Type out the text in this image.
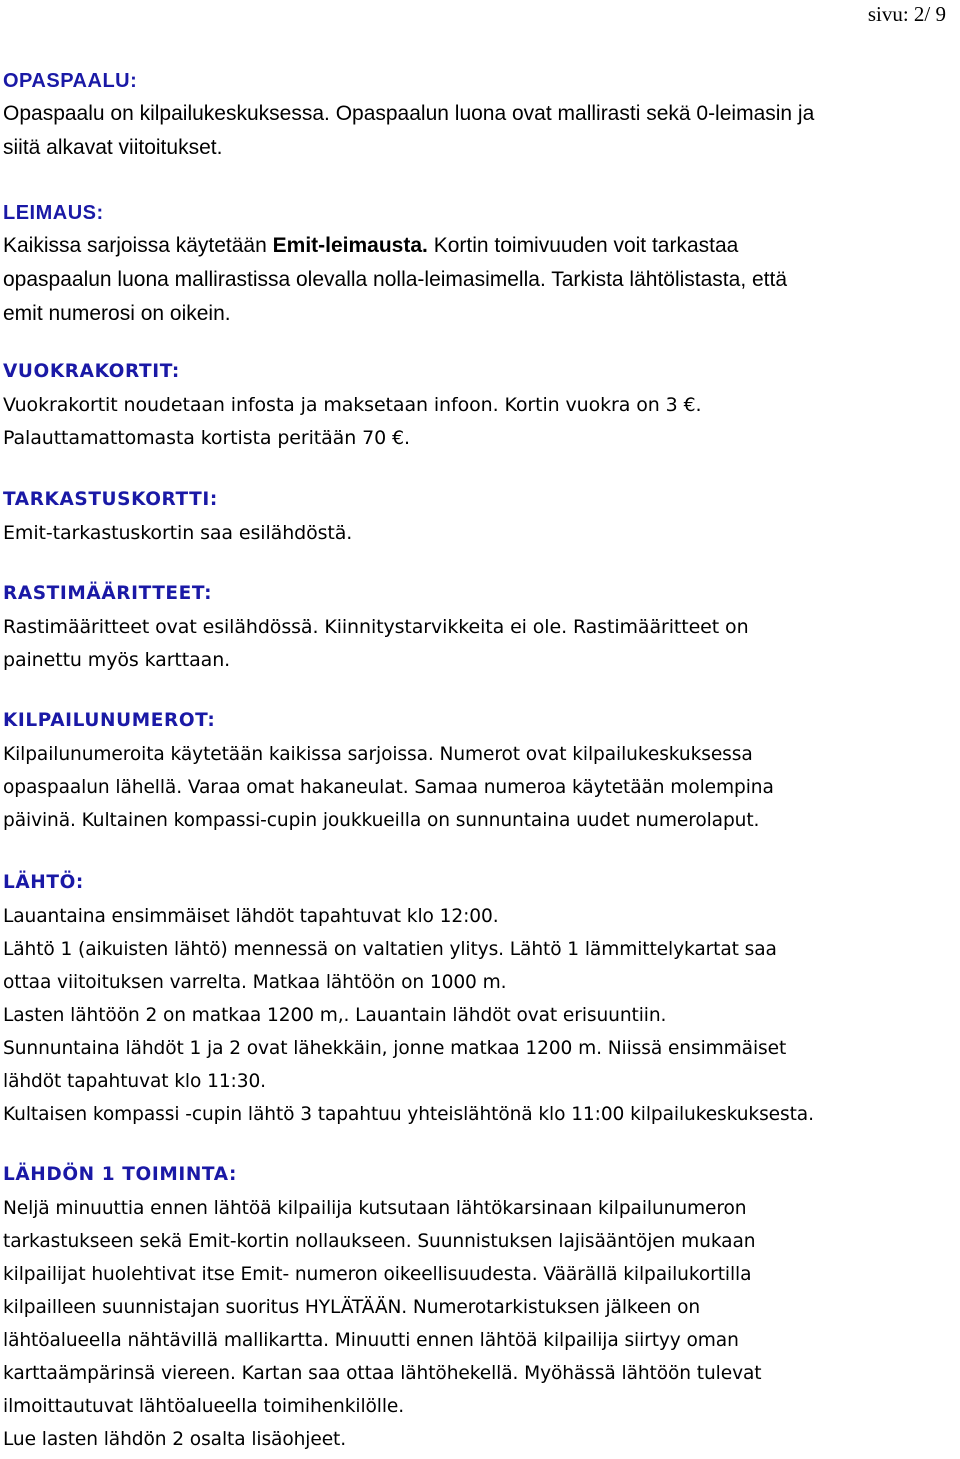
sivu: 2/ 9
OPASPAALU:

Opaspaalu on kilpailukeskuksessa. Opaspaalun luona ovat mallirasti sekä 0-leimasin ja

siitä alkavat viitoitukset.

LEIMAUS:

Kaikissa sarjoissa käytetään Emit-leimausta. Kortin toimivuuden voit tarkastaa

opaspaalun luona mallirastissa olevalla nolla-leimasimella. Tarkista lähtölistasta, että

emit numerosi on oikein.

VUOKRAKORTIT:

Vuokrakortit noudetaan infosta ja maksetaan infoon. Kortin vuokra on 3 €.

Palauttamattomasta kortista peritään 70 €.

TARKASTUSKORTTI:

Emit-tarkastuskortin saa esilähdöstä.

RASTIMÄÄRITTEET:

Rastimääritteet ovat esilähdössä. Kiinnitystarvikkeita ei ole. Rastimääritteet on

painettu myös karttaan.

KILPAILUNUMEROT:

Kilpailunumeroita käytetään kaikissa sarjoissa. Numerot ovat kilpailukeskuksessa

opaspaalun lähellä. Varaa omat hakaneulat. Samaa numeroa käytetään molempina

päivinä. Kultainen kompassi-cupin joukkueilla on sunnuntaina uudet numerolaput.

LÄHTÖ:

Lauantaina ensimmäiset lähdöt tapahtuvat klo 12:00.

Lähtö 1 (aikuisten lähtö) mennessä on valtatien ylitys. Lähtö 1 lämmittelykartat saa

ottaa viitoituksen varrelta. Matkaa lähtöön on 1000 m.

Lasten lähtöön 2 on matkaa 1200 m,. Lauantain lähdöt ovat erisuuntiin.

Sunnuntaina lähdöt 1 ja 2 ovat lähekkäin, jonne matkaa 1200 m. Niissä ensimmäiset

lähdöt tapahtuvat klo 11:30.

Kultaisen kompassi -cupin lähtö 3 tapahtuu yhteislähtönä klo 11:00 kilpailukeskuksesta.

LÄHDÖN 1 TOIMINTA:

Neljä minuuttia ennen lähtöä kilpailija kutsutaan lähtökarsinaan kilpailunumeron

tarkastukseen sekä Emit-kortin nollaukseen. Suunnistuksen lajisääntöjen mukaan

kilpailijat huolehtivat itse Emit- numeron oikeellisuudesta. Väärällä kilpailukortilla

kilpailleen suunnistajan suoritus HYLÄTÄÄN. Numerotarkistuksen jälkeen on

lähtöalueella nähtävillä mallikartta. Minuutti ennen lähtöä kilpailija siirtyy oman

karttaämpärinsä viereen. Kartan saa ottaa lähtöhekellä. Myöhässä lähtöön tulevat

ilmoittautuvat lähtöalueella toimihenkilölle.

Lue lasten lähdön 2 osalta lisäohjeet.
